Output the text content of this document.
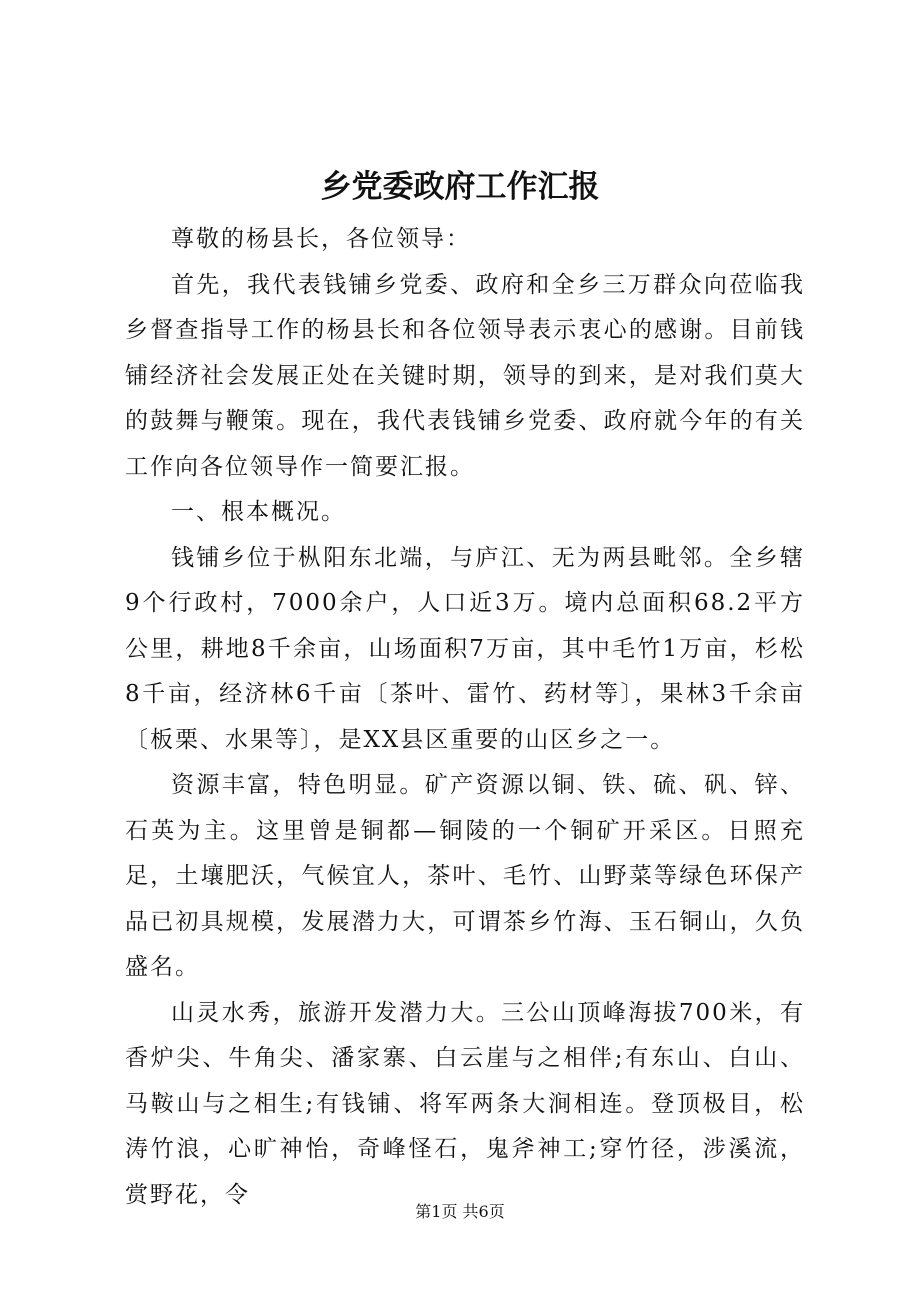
乡党委政府工作汇报

尊敬的杨县长，各位领导：

首先，我代表钱铺乡党委、政府和全乡三万群众向莅临我乡督查指导工作的杨县长和各位领导表示衷心的感谢。目前钱铺经济社会发展正处在关键时期，领导的到来，是对我们莫大的鼓舞与鞭策。现在，我代表钱铺乡党委、政府就今年的有关工作向各位领导作一简要汇报。

一、根本概况。

钱铺乡位于枞阳东北端，与庐江、无为两县毗邻。全乡辖9个行政村，7000余户，人口近3万。境内总面积68.2平方公里，耕地8千余亩，山场面积7万亩，其中毛竹1万亩，杉松8千亩，经济林6千亩〔茶叶、雷竹、药材等〕，果林3千余亩〔板栗、水果等〕，是XX县区重要的山区乡之一。

资源丰富，特色明显。矿产资源以铜、铁、硫、矾、锌、石英为主。这里曾是铜都—铜陵的一个铜矿开采区。日照充足，土壤肥沃，气候宜人，茶叶、毛竹、山野菜等绿色环保产品已初具规模，发展潜力大，可谓茶乡竹海、玉石铜山，久负盛名。

山灵水秀，旅游开发潜力大。三公山顶峰海拔700米，有香炉尖、牛角尖、潘家寨、白云崖与之相伴;有东山、白山、马鞍山与之相生;有钱铺、将军两条大涧相连。登顶极目，松涛竹浪，心旷神怡，奇峰怪石，鬼斧神工;穿竹径，涉溪流，赏野花，令

第1页 共6页
